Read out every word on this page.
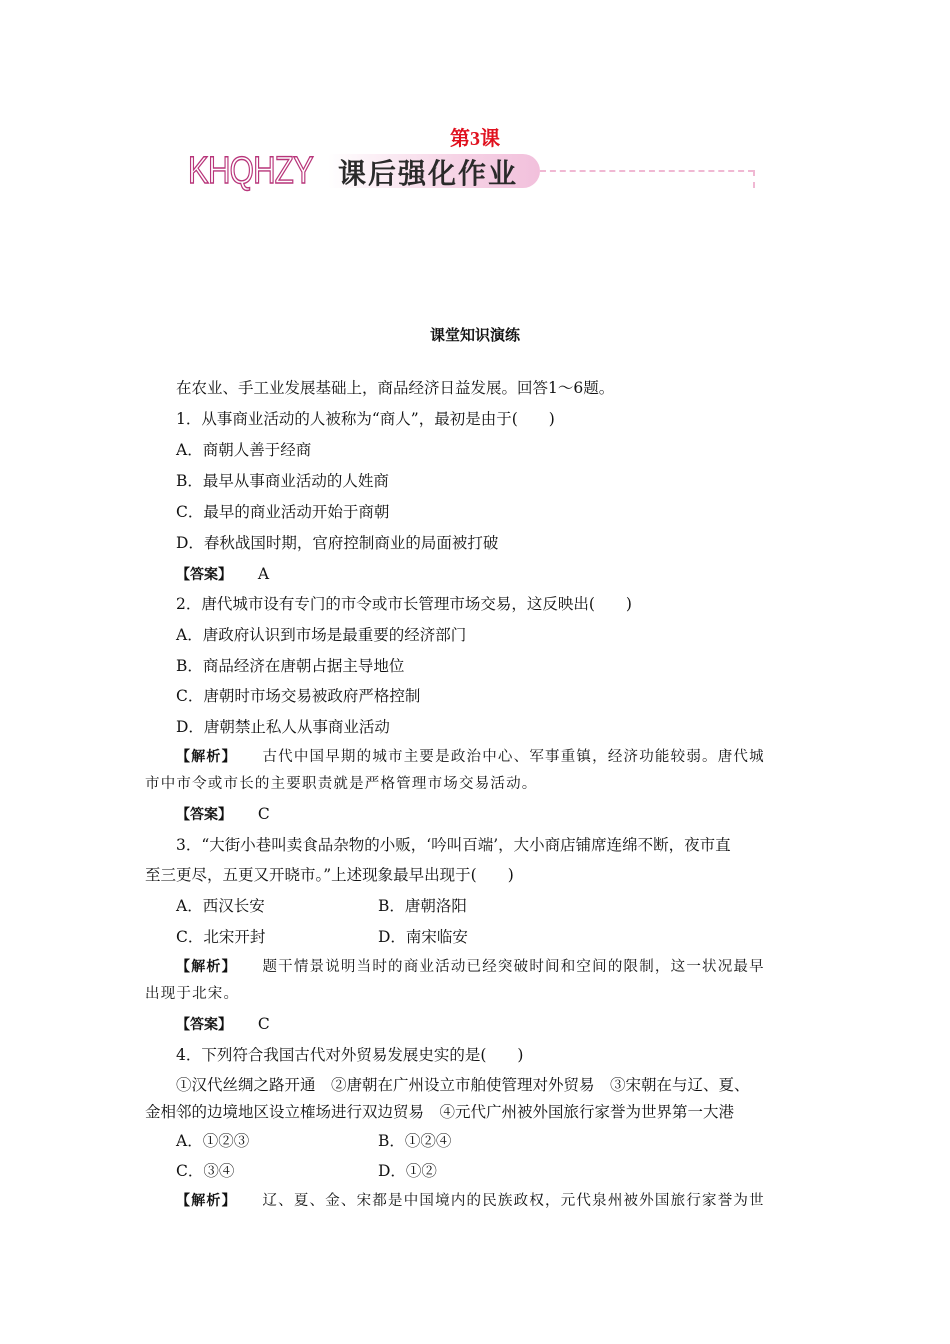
第3课
KHQHZY 课后强化作业
课堂知识演练
在农业、手工业发展基础上，商品经济日益发展。回答1～6题。
1．从事商业活动的人被称为“商人”，最初是由于(　　)
A．商朝人善于经商
B．最早从事商业活动的人姓商
C．最早的商业活动开始于商朝
D．春秋战国时期，官府控制商业的局面被打破
【答案】 A
2．唐代城市设有专门的市令或市长管理市场交易，这反映出(　　)
A．唐政府认识到市场是最重要的经济部门
B．商品经济在唐朝占据主导地位
C．唐朝时市场交易被政府严格控制
D．唐朝禁止私人从事商业活动
【解析】 古代中国早期的城市主要是政治中心、军事重镇，经济功能较弱。唐代城
市中市令或市长的主要职责就是严格管理市场交易活动。
【答案】 C
3．“大街小巷叫卖食品杂物的小贩，‘吟叫百端’，大小商店铺席连绵不断，夜市直
至三更尽，五更又开晓市。”上述现象最早出现于(　　)
A．西汉长安	B．唐朝洛阳
C．北宋开封	D．南宋临安
【解析】 题干情景说明当时的商业活动已经突破时间和空间的限制，这一状况最早
出现于北宋。
【答案】 C
4．下列符合我国古代对外贸易发展史实的是(　　)
①汉代丝绸之路开通　②唐朝在广州设立市舶使管理对外贸易　③宋朝在与辽、夏、
金相邻的边境地区设立榷场进行双边贸易　④元代广州被外国旅行家誉为世界第一大港
A．①②③	B．①②④
C．③④	D．①②
【解析】 辽、夏、金、宋都是中国境内的民族政权，元代泉州被外国旅行家誉为世
